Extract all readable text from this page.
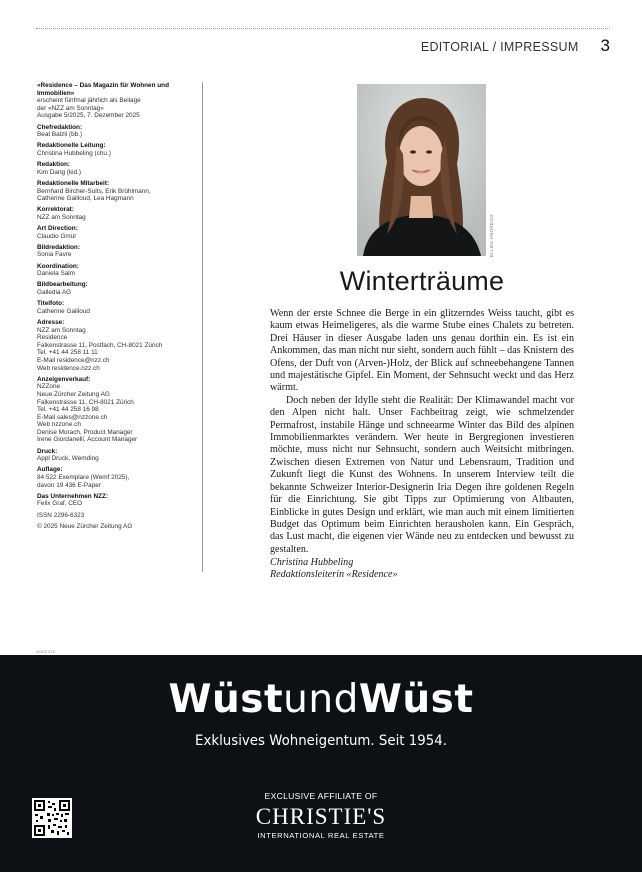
EDITORIAL / IMPRESSUM 3
«Residence – Das Magazin für Wohnen und Immobilien»
erscheint fünfmal jährlich als Beilage
der «NZZ am Sonntag»
Ausgabe 5/2025, 7. Dezember 2025
Chefredaktion:
Beat Balzli (bb.)
Redaktionelle Leitung:
Christina Hubbeling (chu.)
Redaktion:
Kim Dang (kid.)
Redaktionelle Mitarbeit:
Bernhard Bircher-Suits, Erik Brühlmann,
Catherine Gailloud, Lea Hagmann
Korrektorat:
NZZ am Sonntag
Art Direction:
Claudio Gmür
Bildredaktion:
Sonia Favre
Koordination:
Daniela Salm
Bildbearbeitung:
Galledia AG
Titelfoto:
Catherine Gailloud
Adresse:
NZZ am Sonntag
Residence
Falkenstrasse 11, Postfach, CH-8021 Zürich
Tel. +41 44 258 11 11
E-Mail residence@nzz.ch
Web residence.nzz.ch
Anzeigenverkauf:
NZZone
Neue Zürcher Zeitung AG
Falkenstrasse 11, CH-8021 Zürich
Tel. +41 44 258 16 98
E-Mail sales@nzzone.ch
Web nzzone.ch
Denise Morach, Product Manager
Irene Giordanelli, Account Manager
Druck:
Appl Druck, Wemding
Auflage:
84 522 Exemplare (Wemf 2025),
davon 19 436 E-Paper
Das Unternehmen NZZ:
Felix Graf, CEO
ISSN 2296-6323
© 2025 Neue Zürcher Zeitung AG
ELLEN ANDREGG
Winterträume

Wenn der erste Schnee die Berge in ein glitzerndes Weiss taucht, gibt es kaum etwas Heimeligeres, als die warme Stube eines Chalets zu betreten. Drei Häuser in dieser Ausgabe laden uns genau dorthin ein. Es ist ein Ankommen, das man nicht nur sieht, sondern auch fühlt – das Knistern des Ofens, der Duft von (Arven-)Holz, der Blick auf schneebehangene Tannen und majestätische Gipfel. Ein Moment, der Sehnsucht weckt und das Herz wärmt.

Doch neben der Idylle steht die Realität: Der Klimawandel macht vor den Alpen nicht halt. Unser Fachbeitrag zeigt, wie schmelzender Permafrost, instabile Hänge und schneearme Winter das Bild des alpinen Immobilienmarktes verändern. Wer heute in Bergregionen investieren möchte, muss nicht nur Sehnsucht, sondern auch Weitsicht mitbringen. Zwischen diesen Extremen von Natur und Lebensraum, Tradition und Zukunft liegt die Kunst des Wohnens. In unserem Interview teilt die bekannte Schweizer Interior-Designerin Iria Degen ihre goldenen Regeln für die Einrichtung. Sie gibt Tipps zur Optimierung von Altbauten, Einblicke in gutes Design und erklärt, wie man auch mit einem limitierten Budget das Optimum beim Einrichten herausholen kann. Ein Gespräch, das Lust macht, die eigenen vier Wände neu zu entdecken und bewusst zu gestalten.

Christina Hubbeling
Redaktionsleiterin «Residence»
ANZEIGE
WüstundWüst
Exklusives Wohneigentum. Seit 1954.
EXCLUSIVE AFFILIATE OF
CHRISTIE'S
INTERNATIONAL REAL ESTATE
